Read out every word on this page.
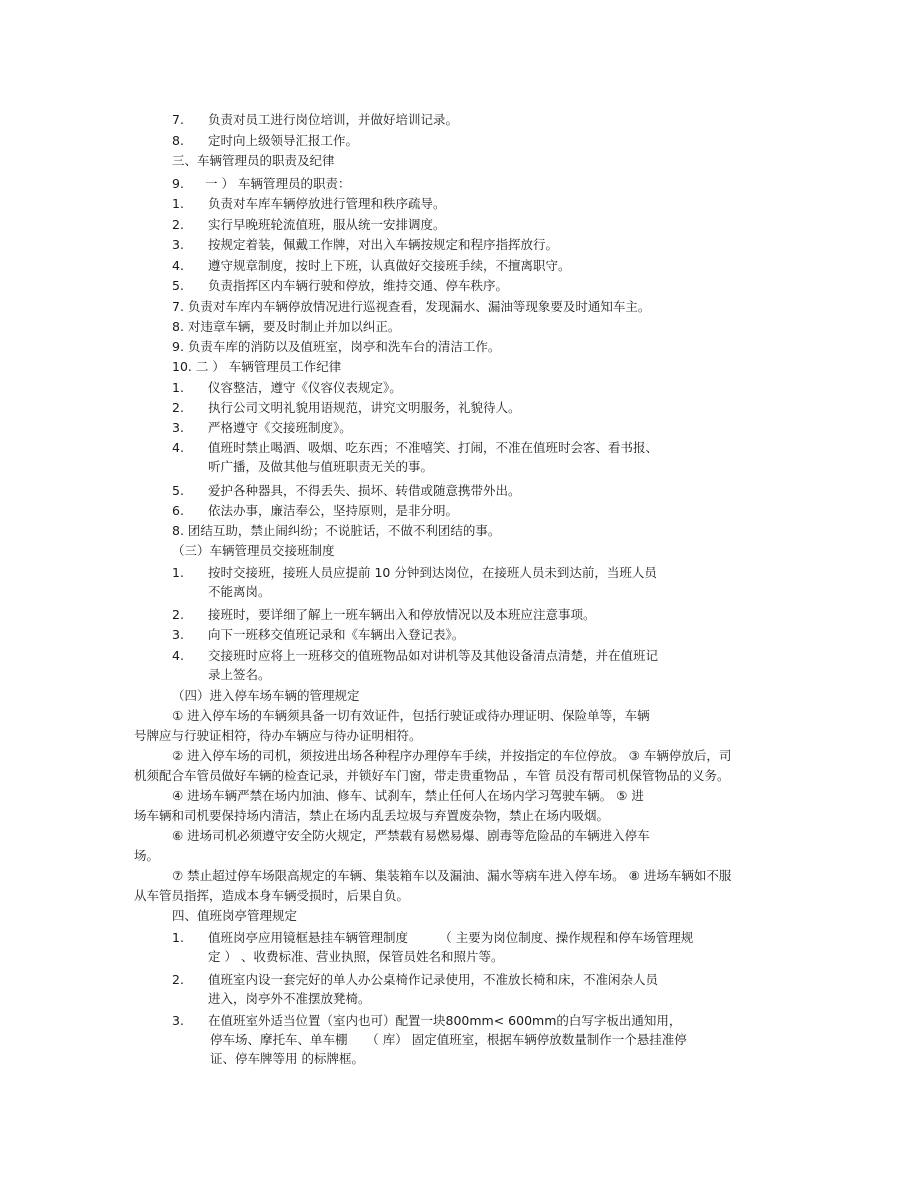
7. 负责对员工进行岗位培训，并做好培训记录。
8. 定时向上级领导汇报工作。
三、车辆管理员的职责及纪律
9. 一 ） 车辆管理员的职责：
1. 负责对车库车辆停放进行管理和秩序疏导。
2. 实行早晚班轮流值班，服从统一安排调度。
3. 按规定着装，佩戴工作牌，对出入车辆按规定和程序指挥放行。
4. 遵守规章制度，按时上下班，认真做好交接班手续，不擅离职守。
5. 负责指挥区内车辆行驶和停放，维持交通、停车秩序。
7. 负责对车库内车辆停放情况进行巡视查看，发现漏水、漏油等现象要及时通知车主。
8. 对违章车辆，要及时制止并加以纠正。
9. 负责车库的消防以及值班室，岗亭和洗车台的清洁工作。
10. 二 ） 车辆管理员工作纪律
1. 仪容整洁，遵守《仪容仪表规定》。
2. 执行公司文明礼貌用语规范，讲究文明服务，礼貌待人。
3. 严格遵守《交接班制度》。
4. 值班时禁止喝酒、吸烟、吃东西；不准嘻笑、打闹，不准在值班时会客、看书报、
听广播，及做其他与值班职责无关的事。
5. 爱护各种器具，不得丢失、损坏、转借或随意携带外出。
6. 依法办事，廉洁奉公，坚持原则，是非分明。
8. 团结互助，禁止闹纠纷；不说脏话，不做不利团结的事。
（三）车辆管理员交接班制度
1. 按时交接班，接班人员应提前 10 分钟到达岗位，在接班人员未到达前，当班人员
不能离岗。
2. 接班时，要详细了解上一班车辆出入和停放情况以及本班应注意事项。
3. 向下一班移交值班记录和《车辆出入登记表》。
4. 交接班时应将上一班移交的值班物品如对讲机等及其他设备清点清楚，并在值班记
录上签名。
（四）进入停车场车辆的管理规定
① 进入停车场的车辆须具备一切有效证件，包括行驶证或待办理证明、保险单等，车辆
号牌应与行驶证相符，待办车辆应与待办证明相符。
② 进入停车场的司机，须按进出场各种程序办理停车手续，并按指定的车位停放。 ③ 车辆停放后，司
机须配合车管员做好车辆的检查记录，并锁好车门窗，带走贵重物品 ，车管 员没有帮司机保管物品的义务。
④ 进场车辆严禁在场内加油、修车、试刹车，禁止任何人在场内学习驾驶车辆。 ⑤ 进
场车辆和司机要保持场内清洁，禁止在场内乱丢垃圾与弃置废杂物，禁止在场内吸烟。
⑥ 进场司机必须遵守安全防火规定，严禁载有易燃易爆、剧毒等危险品的车辆进入停车
场。
⑦ 禁止超过停车场限高规定的车辆、集装箱车以及漏油、漏水等病车进入停车场。 ⑧ 进场车辆如不服
从车管员指挥，造成本身车辆受损时，后果自负。
四、值班岗亭管理规定
1. 值班岗亭应用镜框悬挂车辆管理制度　　　（ 主要为岗位制度、操作规程和停车场管理规
定 ） 、收费标准、营业执照，保管员姓名和照片等。
2. 值班室内设一套完好的单人办公桌椅作记录使用，不准放长椅和床，不准闲杂人员
进入，岗亭外不准摆放凳椅。
3. 在值班室外适当位置（室内也可）配置一块800mm< 600mm的白写字板出通知用，
停车场、摩托车、单车棚　　（ 库） 固定值班室，根据车辆停放数量制作一个悬挂准停
证、停车牌等用 的标牌框。
